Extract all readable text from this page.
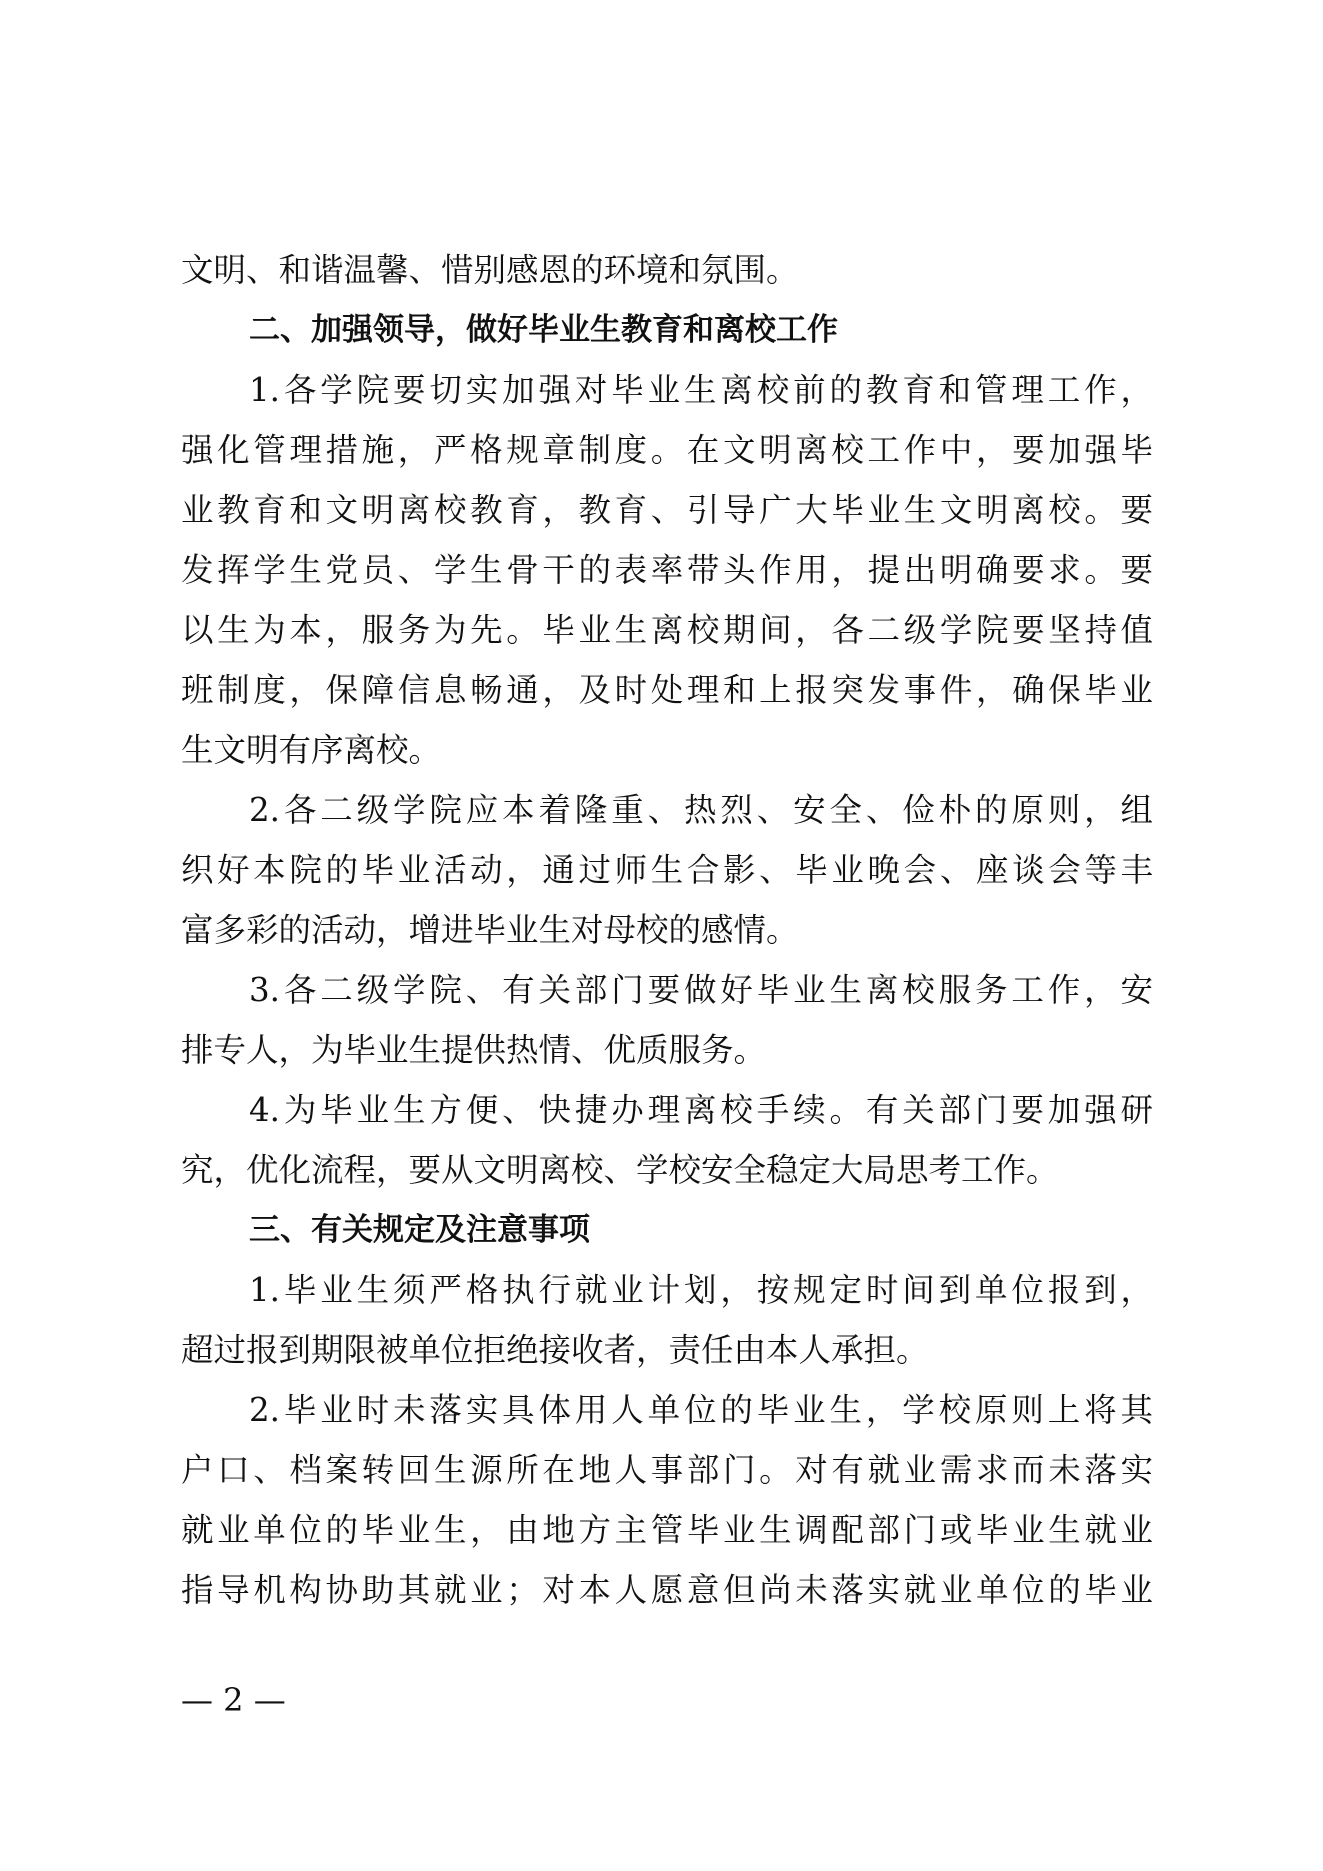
文明、和谐温馨、惜别感恩的环境和氛围。
二、加强领导，做好毕业生教育和离校工作
1.各学院要切实加强对毕业生离校前的教育和管理工作，
强化管理措施，严格规章制度。在文明离校工作中，要加强毕
业教育和文明离校教育，教育、引导广大毕业生文明离校。要
发挥学生党员、学生骨干的表率带头作用，提出明确要求。要
以生为本，服务为先。毕业生离校期间，各二级学院要坚持值
班制度，保障信息畅通，及时处理和上报突发事件，确保毕业
生文明有序离校。
2.各二级学院应本着隆重、热烈、安全、俭朴的原则，组
织好本院的毕业活动，通过师生合影、毕业晚会、座谈会等丰
富多彩的活动，增进毕业生对母校的感情。
3.各二级学院、有关部门要做好毕业生离校服务工作，安
排专人，为毕业生提供热情、优质服务。
4.为毕业生方便、快捷办理离校手续。有关部门要加强研
究，优化流程，要从文明离校、学校安全稳定大局思考工作。
三、有关规定及注意事项
1.毕业生须严格执行就业计划，按规定时间到单位报到，
超过报到期限被单位拒绝接收者，责任由本人承担。
2.毕业时未落实具体用人单位的毕业生，学校原则上将其
户口、档案转回生源所在地人事部门。对有就业需求而未落实
就业单位的毕业生，由地方主管毕业生调配部门或毕业生就业
指导机构协助其就业；对本人愿意但尚未落实就业单位的毕业
— 2 —
